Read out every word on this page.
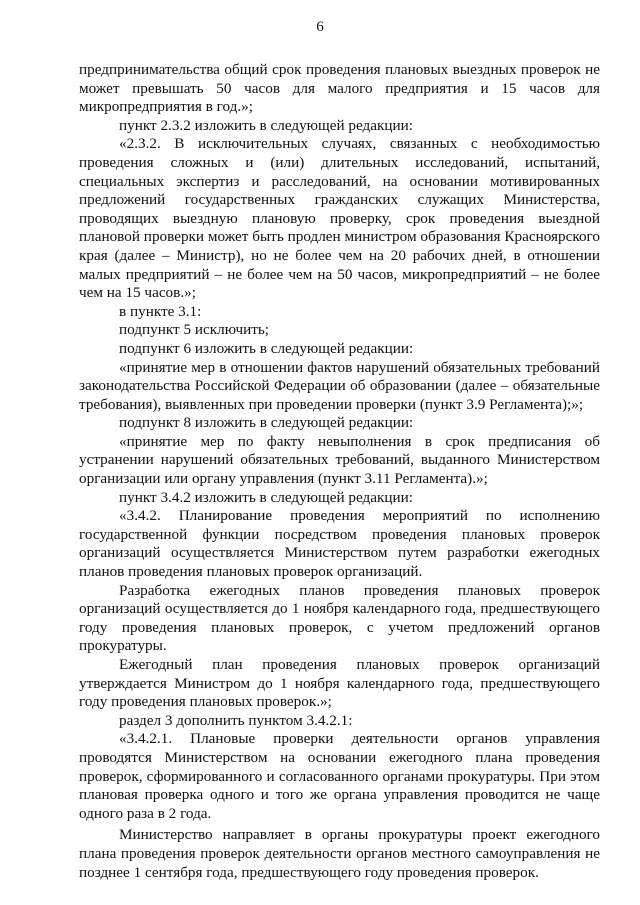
6

предпринимательства общий срок проведения плановых выездных проверок не может превышать 50 часов для малого предприятия и 15 часов для микропредприятия в год.»;

пункт 2.3.2 изложить в следующей редакции:

«2.3.2. В исключительных случаях, связанных с необходимостью проведения сложных и (или) длительных исследований, испытаний, специальных экспертиз и расследований, на основании мотивированных предложений государственных гражданских служащих Министерства, проводящих выездную плановую проверку, срок проведения выездной плановой проверки может быть продлен министром образования Красноярского края (далее – Министр), но не более чем на 20 рабочих дней, в отношении малых предприятий – не более чем на 50 часов, микропредприятий – не более чем на 15 часов.»;

в пункте 3.1:

подпункт 5 исключить;

подпункт 6 изложить в следующей редакции:

«принятие мер в отношении фактов нарушений обязательных требований законодательства Российской Федерации об образовании (далее – обязательные требования), выявленных при проведении проверки (пункт 3.9 Регламента);»;

подпункт 8 изложить в следующей редакции:

«принятие мер по факту невыполнения в срок предписания об устранении нарушений обязательных требований, выданного Министерством организации или органу управления (пункт 3.11 Регламента).»;

пункт 3.4.2 изложить в следующей редакции:

«3.4.2. Планирование проведения мероприятий по исполнению государственной функции посредством проведения плановых проверок организаций осуществляется Министерством путем разработки ежегодных планов проведения плановых проверок организаций.

Разработка ежегодных планов проведения плановых проверок организаций осуществляется до 1 ноября календарного года, предшествующего году проведения плановых проверок, с учетом предложений органов прокуратуры.

Ежегодный план проведения плановых проверок организаций утверждается Министром до 1 ноября календарного года, предшествующего году проведения плановых проверок.»;

раздел 3 дополнить пунктом 3.4.2.1:

«3.4.2.1. Плановые проверки деятельности органов управления проводятся Министерством на основании ежегодного плана проведения проверок, сформированного и согласованного органами прокуратуры. При этом плановая проверка одного и того же органа управления проводится не чаще одного раза в 2 года.

Министерство направляет в органы прокуратуры проект ежегодного плана проведения проверок деятельности органов местного самоуправления не позднее 1 сентября года, предшествующего году проведения проверок.
